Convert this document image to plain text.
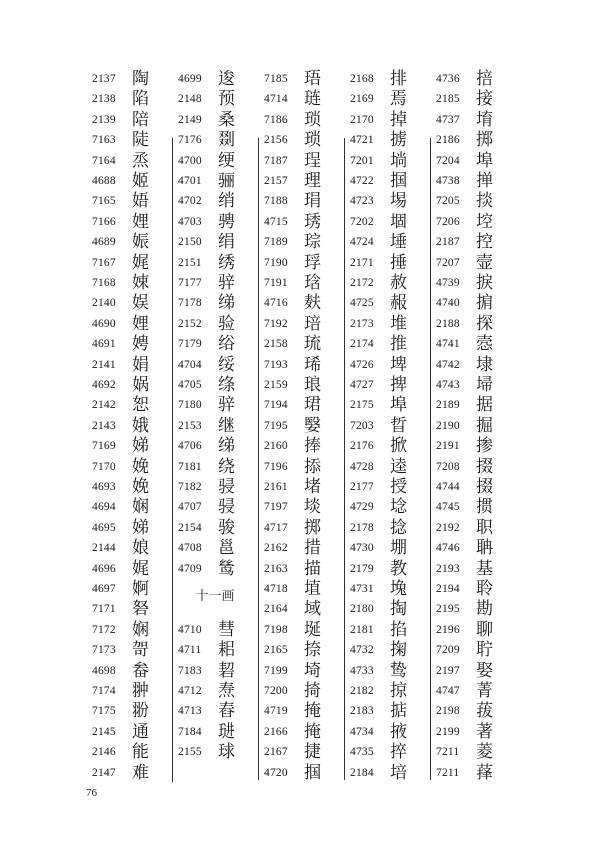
2137 陶
2138 陷
2139 陪
7163 陡
7164 烝
4688 姬
7165 娪
7166 娌
4689 娠
7167 娓
7168 娕
2140 娱
4690 娌
4691 娉
2141 娟
4692 娲
2142 恕
2143 娥
7169 娣
7170 娩
4693 娩
4694 娴
4695 娣
2144 娘
4696 娓
4697 婀
7171 砮
7172 娴
7173 哿
4698 畚
7174 翀
7175 翂
2145 通
2146 能
2147 难
4699 逡
2148 预
2149 桑
7176 剟
4700 绠
4701 骊
4702 绡
4703 骋
2150 绢
2151 绣
7177 骍
7178 绨
2152 验
7179 绤
4704 绥
4705 绦
7180 骍
2153 继
4706 绨
7181 绕
7182 骎
4707 骎
2154 骏
4708 邕
4709 鸶
十一画
4710 彗
4711 耜
7183 䂮
4712 焘
4713 舂
7184 琎
2155 球
7185 珸
4714 琏
7186 琐
2156 琐
7187 珵
2157 理
7188 琄
4715 琇
7189 琮
7190 琈
7191 琀
4716 麸
7192 琣
2158 琉
7193 琋
2159 琅
7194 珺
7195 嫛
2160 捧
7196 掭
2161 堵
7197 埮
4717 掷
2162 措
2163 描
4718 埴
2164 域
7198 埏
2165 捺
7199 埼
7200 掎
4719 掩
2166 掩
2167 捷
4720 掴
2168 排
2169 焉
2170 掉
4721 掳
7201 埫
4722 掴
4723 埸
7202 堌
4724 埵
2171 捶
2172 赦
4725 赧
2173 堆
2174 推
4726 埤
4727 捭
2175 埠
7203 晢
2176 掀
4728 逵
2177 授
4729 埝
2178 捻
4730 堋
2179 教
4731 堍
2180 掏
2181 掐
4732 掬
4733 鸷
2182 掠
2183 掂
4734 掖
4735 捽
2184 培
4736 掊
2185 接
4737 堉
2186 掷
7204 埠
4738 掸
7205 掞
7206 埪
2187 控
7207 壸
4739 捩
4740 掮
2188 探
4741 悫
4742 埭
4743 埽
2189 据
2190 掘
2191 掺
7208 掇
4744 掇
4745 掼
2192 职
4746 聃
2193 基
2194 聆
2195 勘
2196 聊
7209 聍
2197 娶
4747 菁
2198 菝
2199 著
7211 菱
7211 萚
76
